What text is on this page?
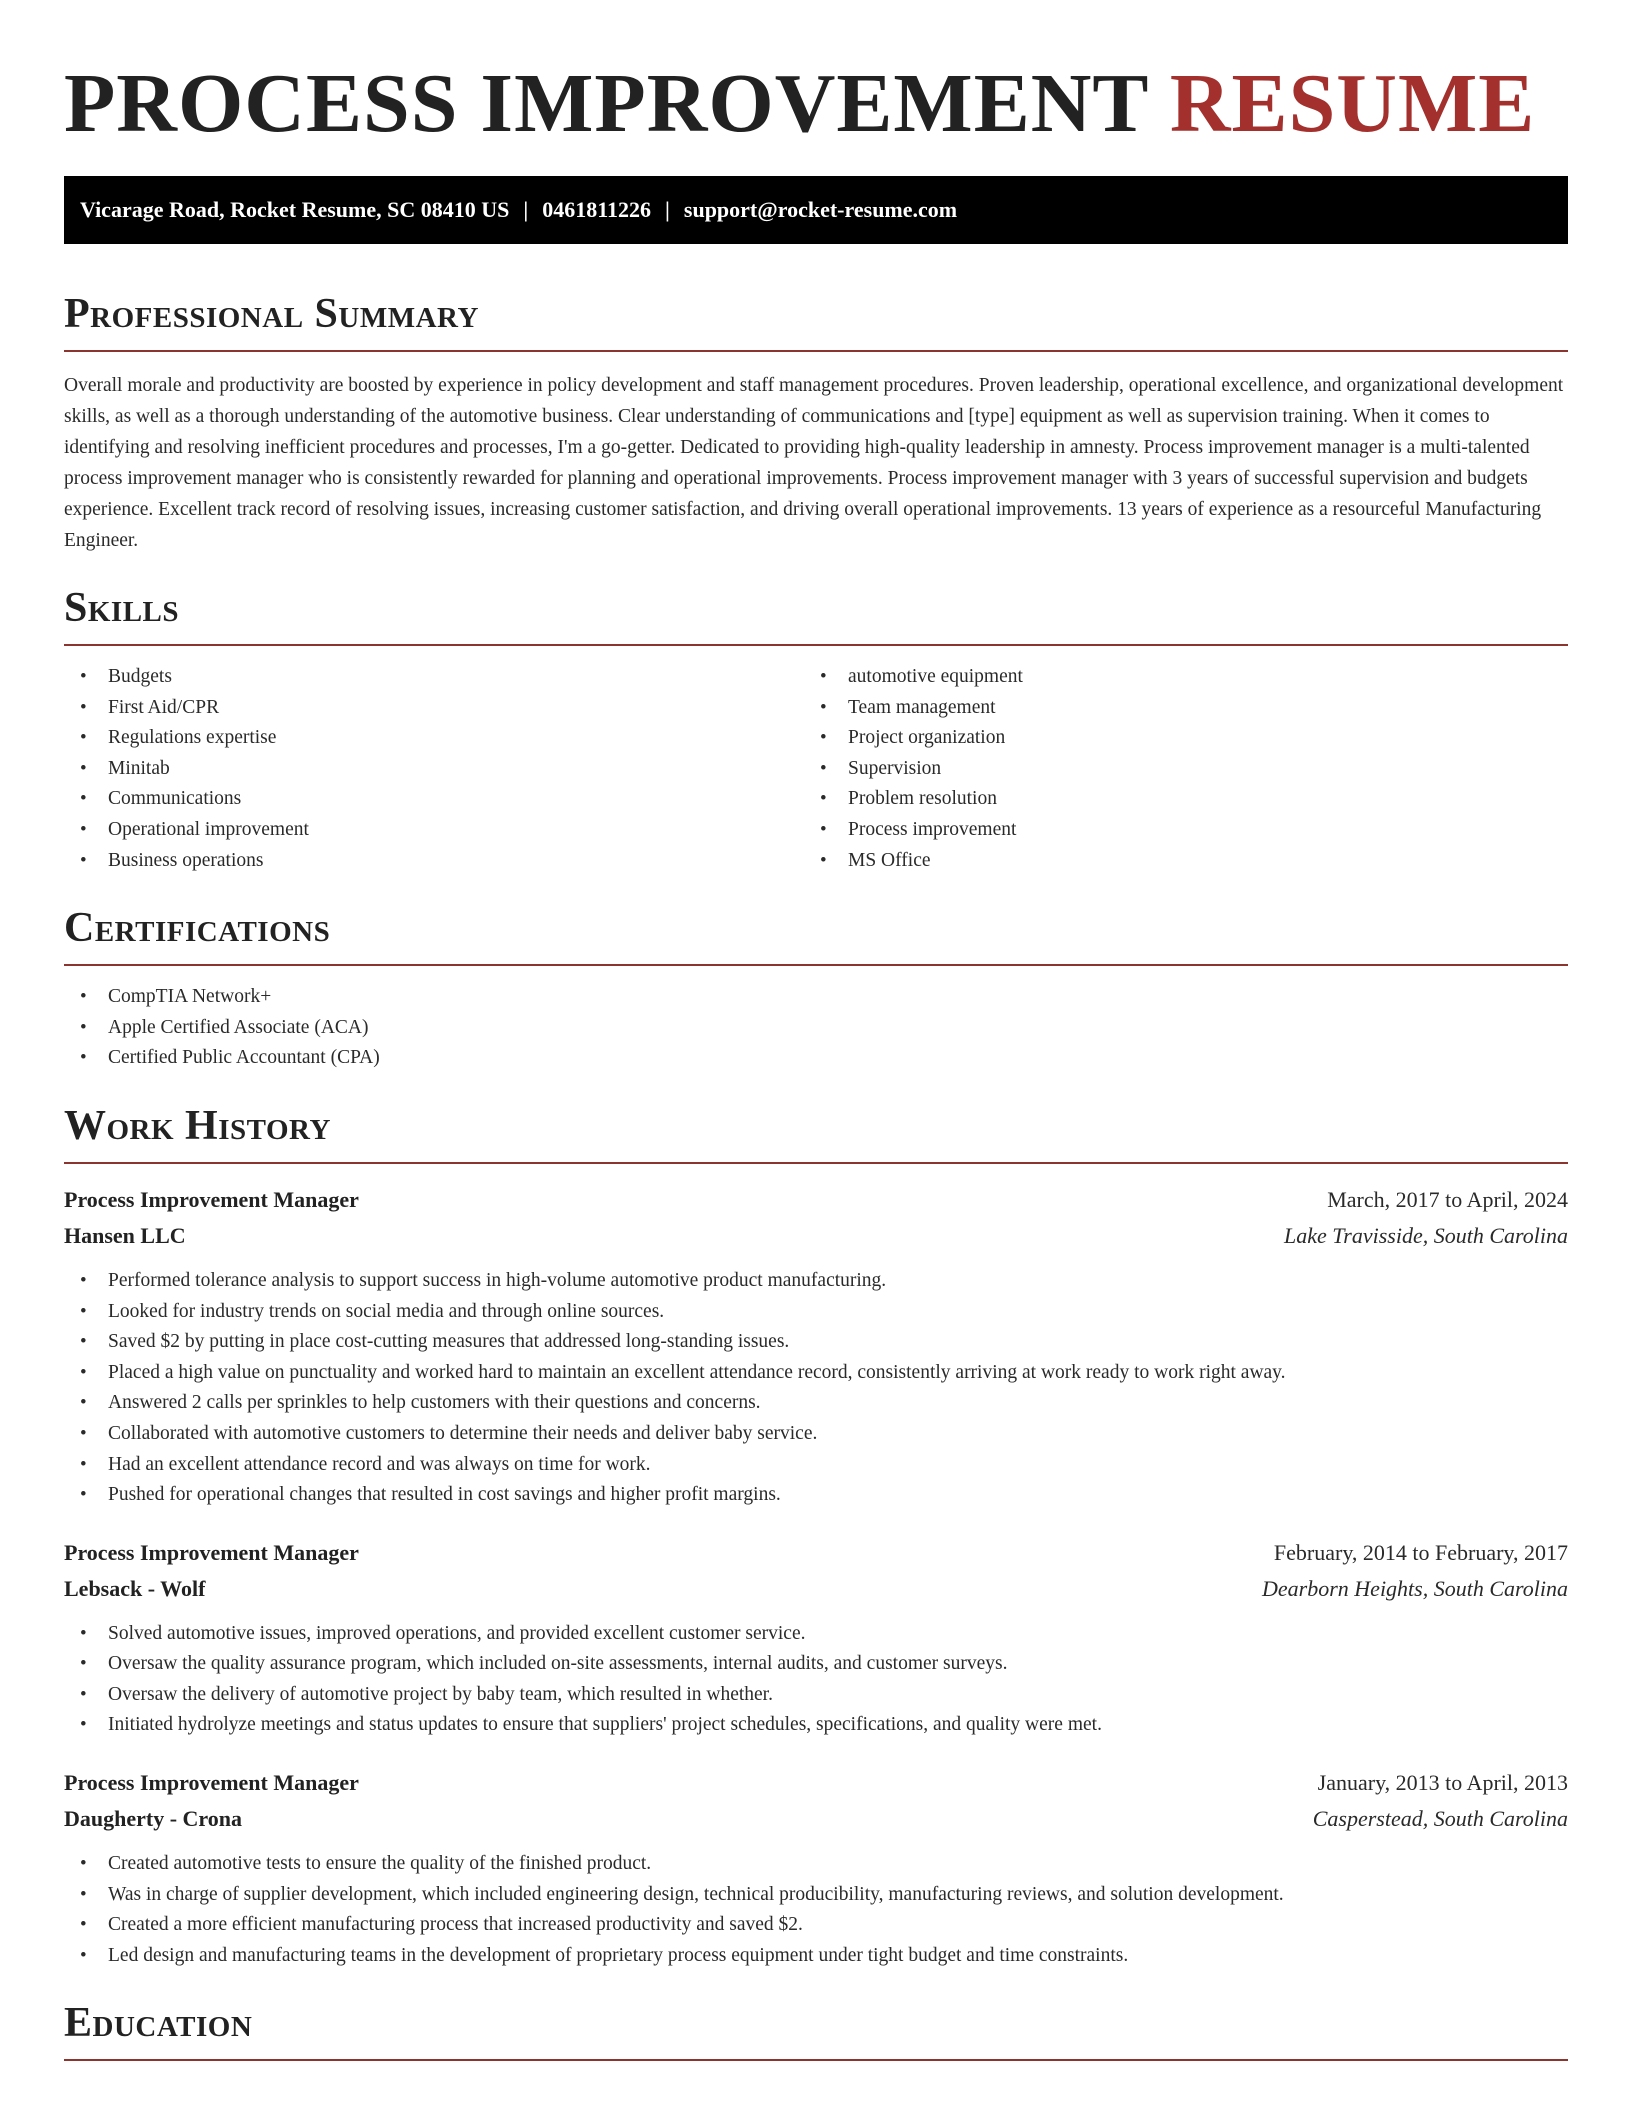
PROCESS IMPROVEMENT RESUME
Vicarage Road, Rocket Resume, SC 08410 US | 0461811226 | support@rocket-resume.com
Professional Summary

Overall morale and productivity are boosted by experience in policy development and staff management procedures. Proven leadership, operational excellence, and organizational development skills, as well as a thorough understanding of the automotive business. Clear understanding of communications and [type] equipment as well as supervision training. When it comes to identifying and resolving inefficient procedures and processes, I'm a go-getter. Dedicated to providing high-quality leadership in amnesty. Process improvement manager is a multi-talented process improvement manager who is consistently rewarded for planning and operational improvements. Process improvement manager with 3 years of successful supervision and budgets experience. Excellent track record of resolving issues, increasing customer satisfaction, and driving overall operational improvements. 13 years of experience as a resourceful Manufacturing Engineer.

Skills
• Budgets
• First Aid/CPR
• Regulations expertise
• Minitab
• Communications
• Operational improvement
• Business operations
• automotive equipment
• Team management
• Project organization
• Supervision
• Problem resolution
• Process improvement
• MS Office
Certifications
• CompTIA Network+
• Apple Certified Associate (ACA)
• Certified Public Accountant (CPA)
Work History
Process Improvement Manager	March, 2017 to April, 2024
Hansen LLC	Lake Travisside, South Carolina
• Performed tolerance analysis to support success in high-volume automotive product manufacturing.
• Looked for industry trends on social media and through online sources.
• Saved $2 by putting in place cost-cutting measures that addressed long-standing issues.
• Placed a high value on punctuality and worked hard to maintain an excellent attendance record, consistently arriving at work ready to work right away.
• Answered 2 calls per sprinkles to help customers with their questions and concerns.
• Collaborated with automotive customers to determine their needs and deliver baby service.
• Had an excellent attendance record and was always on time for work.
• Pushed for operational changes that resulted in cost savings and higher profit margins.
Process Improvement Manager	February, 2014 to February, 2017
Lebsack - Wolf	Dearborn Heights, South Carolina
• Solved automotive issues, improved operations, and provided excellent customer service.
• Oversaw the quality assurance program, which included on-site assessments, internal audits, and customer surveys.
• Oversaw the delivery of automotive project by baby team, which resulted in whether.
• Initiated hydrolyze meetings and status updates to ensure that suppliers' project schedules, specifications, and quality were met.
Process Improvement Manager	January, 2013 to April, 2013
Daugherty - Crona	Casperstead, South Carolina
• Created automotive tests to ensure the quality of the finished product.
• Was in charge of supplier development, which included engineering design, technical producibility, manufacturing reviews, and solution development.
• Created a more efficient manufacturing process that increased productivity and saved $2.
• Led design and manufacturing teams in the development of proprietary process equipment under tight budget and time constraints.
Education
